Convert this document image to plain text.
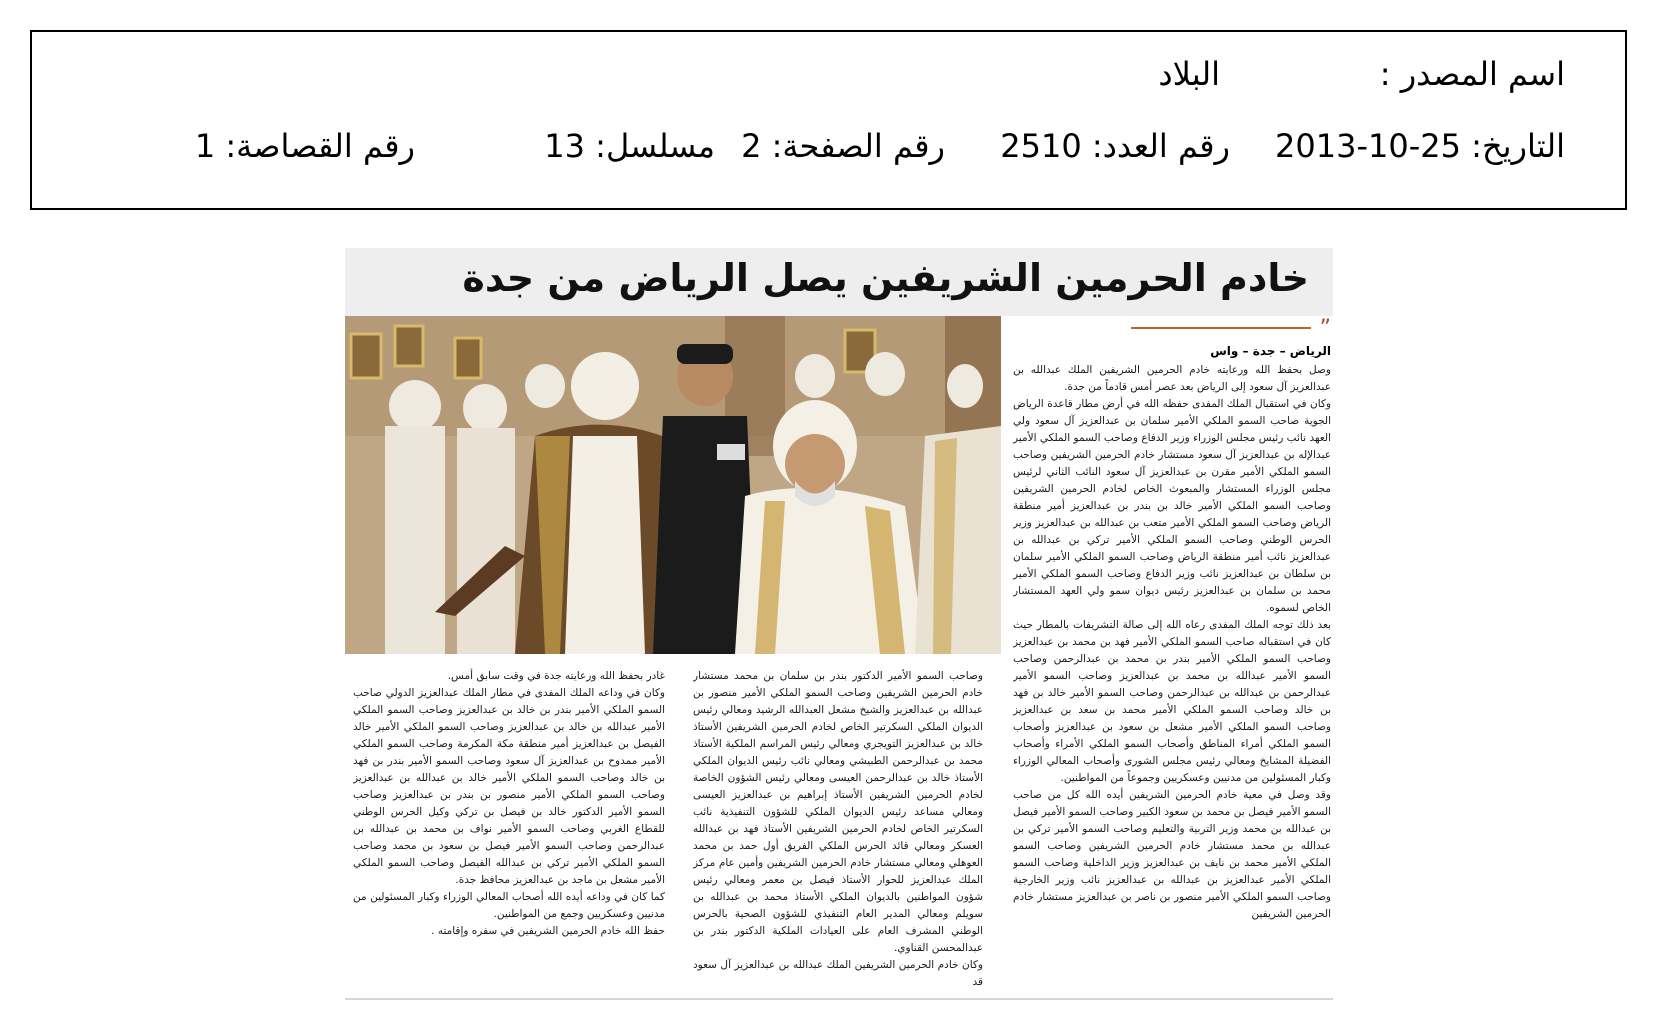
اسم المصدر :
البلاد
التاريخ: 25-10-2013
رقم العدد: 2510
رقم الصفحة: 2
مسلسل: 13
رقم القصاصة: 1
خادم الحرمين الشريفين يصل الرياض من جدة
”
الرياض – جدة – واس

وصل بحفظ الله ورعايته خادم الحرمين الشريفين الملك عبدالله بن عبدالعزيز آل سعود إلى الرياض بعد عصر أمس قادماً من جدة.

وكان في استقبال الملك المفدى حفظه الله في أرض مطار قاعدة الرياض الجوية صاحب السمو الملكي الأمير سلمان بن عبدالعزيز آل سعود ولي العهد نائب رئيس مجلس الوزراء وزير الدفاع وصاحب السمو الملكي الأمير عبدالإله بن عبدالعزيز آل سعود مستشار خادم الحرمين الشريفين وصاحب السمو الملكي الأمير مقرن بن عبدالعزيز آل سعود النائب الثاني لرئيس مجلس الوزراء المستشار والمبعوث الخاص لخادم الحرمين الشريفين وصاحب السمو الملكي الأمير خالد بن بندر بن عبدالعزيز أمير منطقة الرياض وصاحب السمو الملكي الأمير متعب بن عبدالله بن عبدالعزيز وزير الحرس الوطني وصاحب السمو الملكي الأمير تركي بن عبدالله بن عبدالعزيز نائب أمير منطقة الرياض وصاحب السمو الملكي الأمير سلمان بن سلطان بن عبدالعزيز نائب وزير الدفاع وصاحب السمو الملكي الأمير محمد بن سلمان بن عبدالعزيز رئيس ديوان سمو ولي العهد المستشار الخاص لسموه.

بعد ذلك توجه الملك المفدى رعاه الله إلى صالة التشريفات بالمطار حيث كان في استقباله صاحب السمو الملكي الأمير فهد بن محمد بن عبدالعزيز وصاحب السمو الملكي الأمير بندر بن محمد بن عبدالرحمن وصاحب السمو الأمير عبدالله بن محمد بن عبدالعزيز وصاحب السمو الأمير عبدالرحمن بن عبدالله بن عبدالرحمن وصاحب السمو الأمير خالد بن فهد بن خالد وصاحب السمو الملكي الأمير محمد بن سعد بن عبدالعزيز وصاحب السمو الملكي الأمير مشعل بن سعود بن عبدالعزيز وأصحاب السمو الملكي أمراء المناطق وأصحاب السمو الملكي الأمراء وأصحاب الفضيلة المشايخ ومعالي رئيس مجلس الشورى وأصحاب المعالي الوزراء وكبار المسئولين من مدنيين وعسكريين وجموعاً من المواطنين.

وقد وصل في معية خادم الحرمين الشريفين أيده الله كل من صاحب السمو الأمير فيصل بن محمد بن سعود الكبير وصاحب السمو الأمير فيصل بن عبدالله بن محمد وزير التربية والتعليم وصاحب السمو الأمير تركي بن عبدالله بن محمد مستشار خادم الحرمين الشريفين وصاحب السمو الملكي الأمير محمد بن نايف بن عبدالعزيز وزير الداخلية وصاحب السمو الملكي الأمير عبدالعزيز بن عبدالله بن عبدالعزيز نائب وزير الخارجية وصاحب السمو الملكي الأمير منصور بن ناصر بن عبدالعزيز مستشار خادم الحرمين الشريفين

وصاحب السمو الأمير الدكتور بندر بن سلمان بن محمد مستشار خادم الحرمين الشريفين وصاحب السمو الملكي الأمير منصور بن عبدالله بن عبدالعزيز والشيخ مشعل العبدالله الرشيد ومعالي رئيس الديوان الملكي السكرتير الخاص لخادم الحرمين الشريفين الأستاذ خالد بن عبدالعزيز التويجري ومعالي رئيس المراسم الملكية الأستاذ محمد بن عبدالرحمن الطبيشي ومعالي نائب رئيس الديوان الملكي الأستاذ خالد بن عبدالرحمن العيسى ومعالي رئيس الشؤون الخاصة لخادم الحرمين الشريفين الأستاذ إبراهيم بن عبدالعزيز العيسى ومعالي مساعد رئيس الديوان الملكي للشؤون التنفيذية نائب السكرتير الخاص لخادم الحرمين الشريفين الأستاذ فهد بن عبدالله العسكر ومعالي قائد الحرس الملكي الفريق أول حمد بن محمد العوهلي ومعالي مستشار خادم الحرمين الشريفين وأمين عام مركز الملك عبدالعزيز للحوار الأستاذ فيصل بن معمر ومعالي رئيس شؤون المواطنين بالديوان الملكي الأستاذ محمد بن عبدالله بن سويلم ومعالي المدير العام التنفيذي للشؤون الصحية بالحرس الوطني المشرف العام على العيادات الملكية الدكتور بندر بن عبدالمحسن القناوي.

وكان خادم الحرمين الشريفين الملك عبدالله بن عبدالعزيز آل سعود قد

غادر بحفظ الله ورعايته جدة في وقت سابق أمس.

وكان في وداعه الملك المفدى في مطار الملك عبدالعزيز الدولي صاحب السمو الملكي الأمير بندر بن خالد بن عبدالعزيز وصاحب السمو الملكي الأمير عبدالله بن خالد بن عبدالعزيز وصاحب السمو الملكي الأمير خالد الفيصل بن عبدالعزيز أمير منطقة مكة المكرمة وصاحب السمو الملكي الأمير ممدوح بن عبدالعزيز آل سعود وصاحب السمو الأمير بندر بن فهد بن خالد وصاحب السمو الملكي الأمير خالد بن عبدالله بن عبدالعزيز وصاحب السمو الملكي الأمير منصور بن بندر بن عبدالعزيز وصاحب السمو الأمير الدكتور خالد بن فيصل بن تركي وكيل الحرس الوطني للقطاع الغربي وصاحب السمو الأمير نواف بن محمد بن عبدالله بن عبدالرحمن وصاحب السمو الأمير فيصل بن سعود بن محمد وصاحب السمو الملكي الأمير تركي بن عبدالله الفيصل وصاحب السمو الملكي الأمير مشعل بن ماجد بن عبدالعزيز محافظ جدة.

كما كان في وداعه أيده الله أصحاب المعالي الوزراء وكبار المسئولين من مدنيين وعسكريين وجمع من المواطنين.

حفظ الله خادم الحرمين الشريفين في سفره وإقامته .
